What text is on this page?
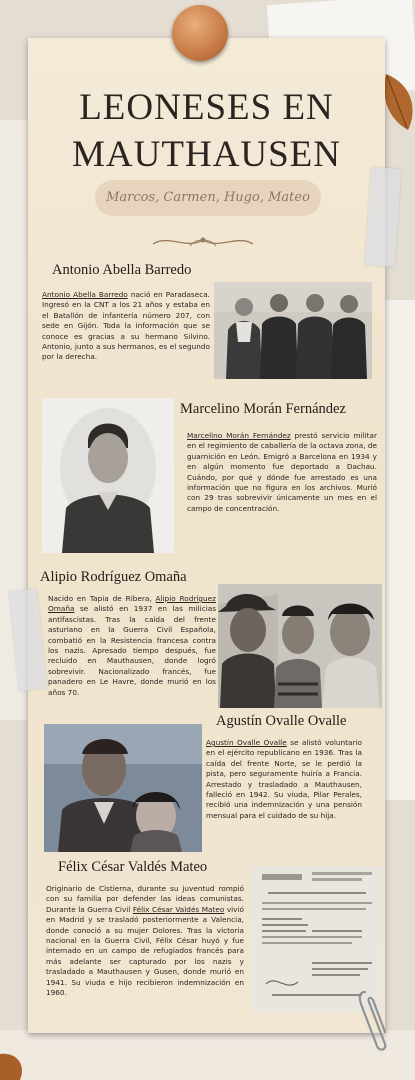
LEONESES EN
MAUTHAUSEN
Marcos, Carmen, Hugo, Mateo
Antonio Abella Barredo
Antonio Abella Barredo nació en Paradaseca. Ingresó en la CNT a los 21 años y estaba en el Batallón de infantería número 207, con sede en Gijón. Toda la información que se conoce es gracias a su hermano Silvino. Antonio, junto a sus hermanos, es el segundo por la derecha.
Marcelino Morán Fernández
Marcelino Morán Fernández prestó servicio militar en el regimiento de caballería de la octava zona, de guarnición en León. Emigró a Barcelona en 1934 y en algún momento fue deportado a Dachau. Cuándo, por qué y dónde fue arrestado es una información que no figura en los archivos. Murió con 29 tras sobrevivir únicamente un mes en el campo de concentración.
Alipio Rodríguez Omaña
Nacido en Tapia de Ribera, Alipio Rodríguez Omaña se alistó en 1937 en las milicias antifascistas. Tras la caída del frente asturiano en la Guerra Civil Española, combatió en la Resistencia francesa contra los nazis. Apresado tiempo después, fue recluido en Mauthausen, donde logró sobrevivir. Nacionalizado francés, fue panadero en Le Havre, donde murió en los años 70.
Agustín Ovalle Ovalle
Agustín Ovalle Ovalle se alistó voluntario en el ejército republicano en 1936. Tras la caída del frente Norte, se le perdió la pista, pero seguramente huiría a Francia. Arrestado y trasladado a Mauthausen, falleció en 1942. Su viuda, Pilar Perales, recibió una indemnización y una pensión mensual para el cuidado de su hija.
Félix César Valdés Mateo
Originario de Cistierna, durante su juventud rompió con su familia por defender las ideas comunistas. Durante la Guerra Civil Félix César Valdés Mateo vivió en Madrid y se trasladó posteriormente a Valencia, donde conoció a su mujer Dolores. Tras la victoria nacional en la Guerra Civil, Félix César huyó y fue internado en un campo de refugiados francés para más adelante ser capturado por los nazis y trasladado a Mauthausen y Gusen, donde murió en 1941. Su viuda e hijo recibieron indemnización en 1960.
